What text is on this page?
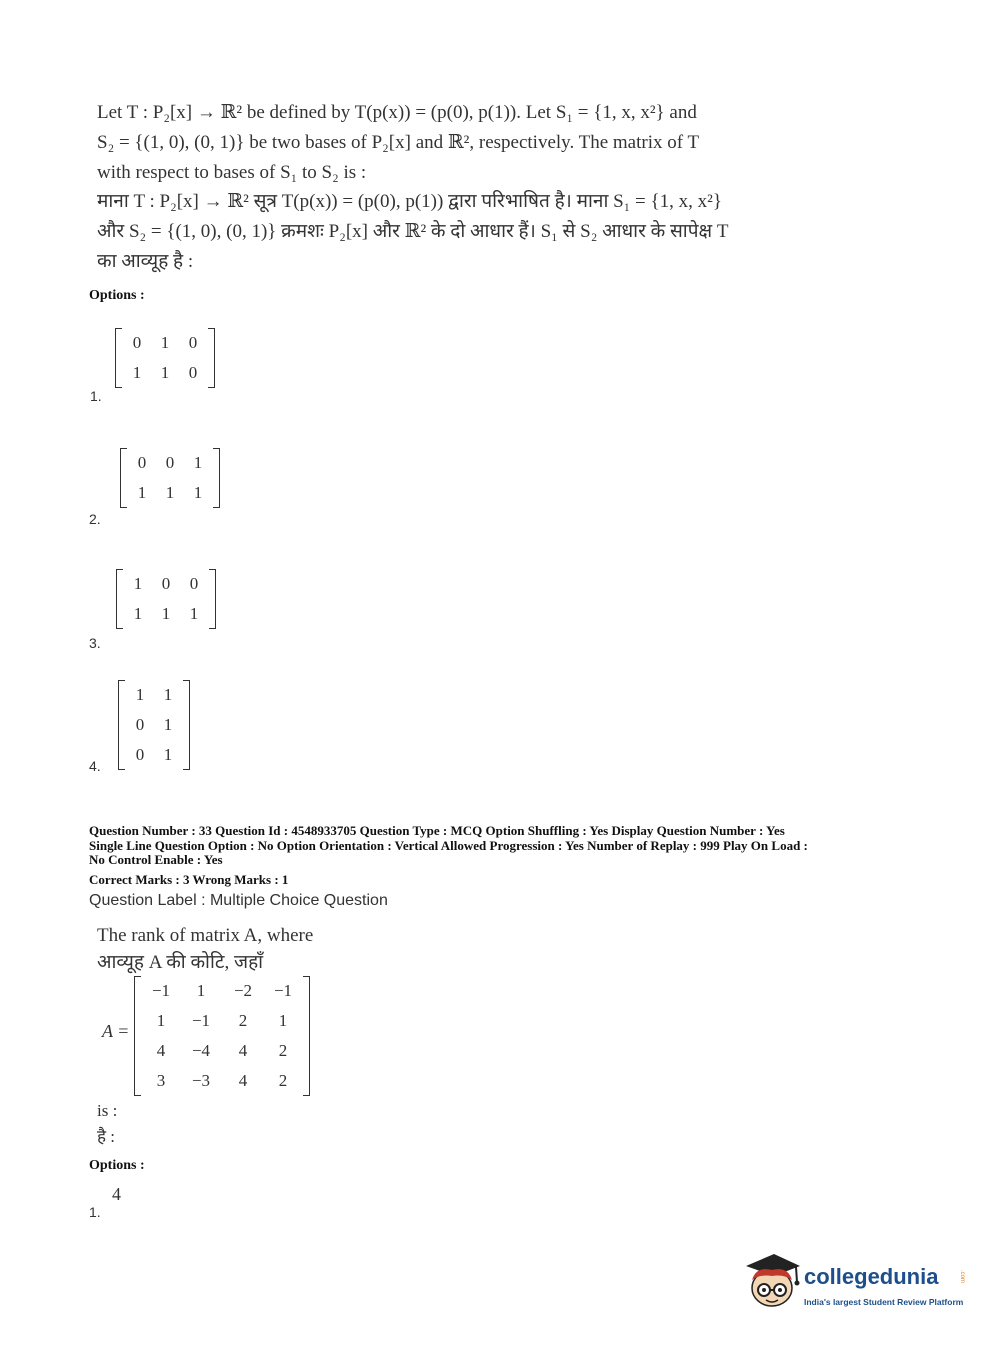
Let T : P₂[x] → ℝ² be defined by T(p(x)) = (p(0), p(1)). Let S₁ = {1, x, x²} and
S₂ = {(1, 0), (0, 1)} be two bases of P₂[x] and ℝ², respectively. The matrix of T
with respect to bases of S₁ to S₂ is :
माना T : P₂[x] → ℝ² सूत्र T(p(x)) = (p(0), p(1)) द्वारा परिभाषित है। माना S₁ = {1, x, x²}
और S₂ = {(1, 0), (0, 1)} क्रमशः P₂[x] और ℝ² के दो आधार हैं। S₁ से S₂ आधार के सापेक्ष T
का आव्यूह है :
Options :
0	1	0
1	1	0
1.
0	0	1
1	1	1
2.
1	0	0
1	1	1
3.
1	1
0	1
0	1
4.
Question Number : 33 Question Id : 4548933705 Question Type : MCQ Option Shuffling : Yes Display Question Number : Yes
Single Line Question Option : No Option Orientation : Vertical Allowed Progression : Yes Number of Replay : 999 Play On Load :
No Control Enable : Yes
Correct Marks : 3 Wrong Marks : 1
Question Label : Multiple Choice Question
The rank of matrix A, where
आव्यूह A की कोटि, जहाँ
A =
−1	1	−2	−1
1	−1	2	1
4	−4	4	2
3	−3	4	2
is :
है :
Options :
4
1.
collegedunia	.com
India's largest Student Review Platform
